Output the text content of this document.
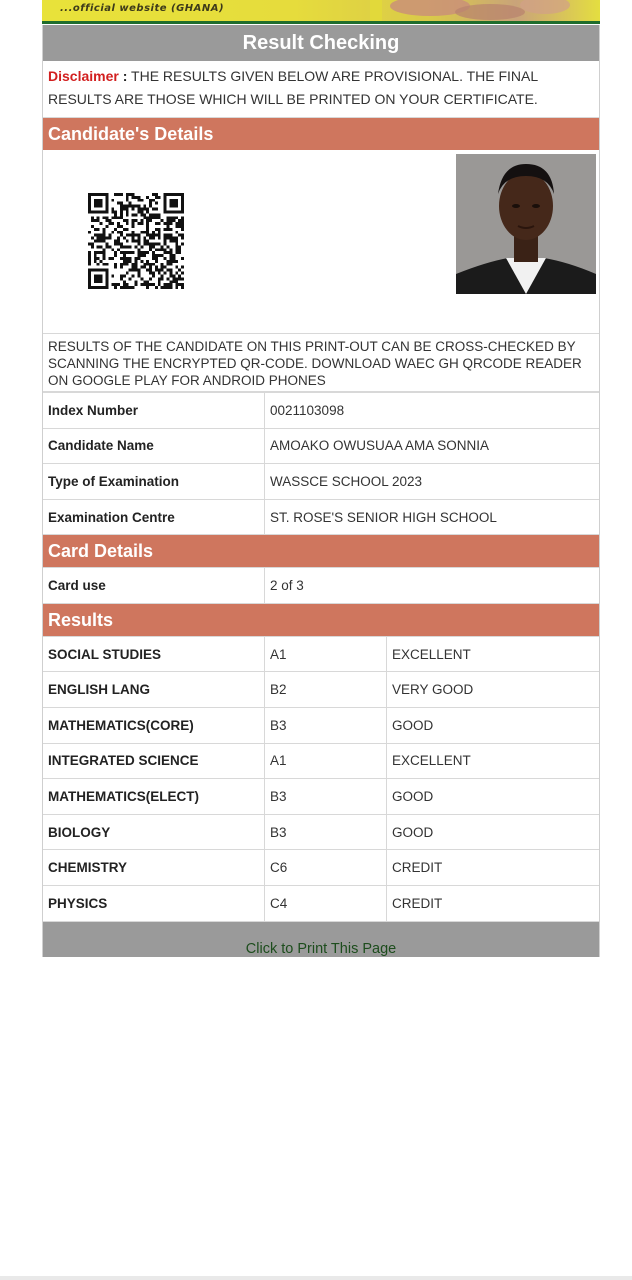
...official website (GHANA)
Result Checking
Disclaimer : THE RESULTS GIVEN BELOW ARE PROVISIONAL. THE FINAL RESULTS ARE THOSE WHICH WILL BE PRINTED ON YOUR CERTIFICATE.
Candidate's Details
RESULTS OF THE CANDIDATE ON THIS PRINT-OUT CAN BE CROSS-CHECKED BY SCANNING THE ENCRYPTED QR-CODE. DOWNLOAD WAEC GH QRCODE READER ON GOOGLE PLAY FOR ANDROID PHONES
Index Number	0021103098
Candidate Name	AMOAKO OWUSUAA AMA SONNIA
Type of Examination	WASSCE SCHOOL 2023
Examination Centre	ST. ROSE'S SENIOR HIGH SCHOOL
Card Details
Card use	2 of 3
Results
SOCIAL STUDIES	A1	EXCELLENT
ENGLISH LANG	B2	VERY GOOD
MATHEMATICS(CORE)	B3	GOOD
INTEGRATED SCIENCE	A1	EXCELLENT
MATHEMATICS(ELECT)	B3	GOOD
BIOLOGY	B3	GOOD
CHEMISTRY	C6	CREDIT
PHYSICS	C4	CREDIT
Click to Print This Page
